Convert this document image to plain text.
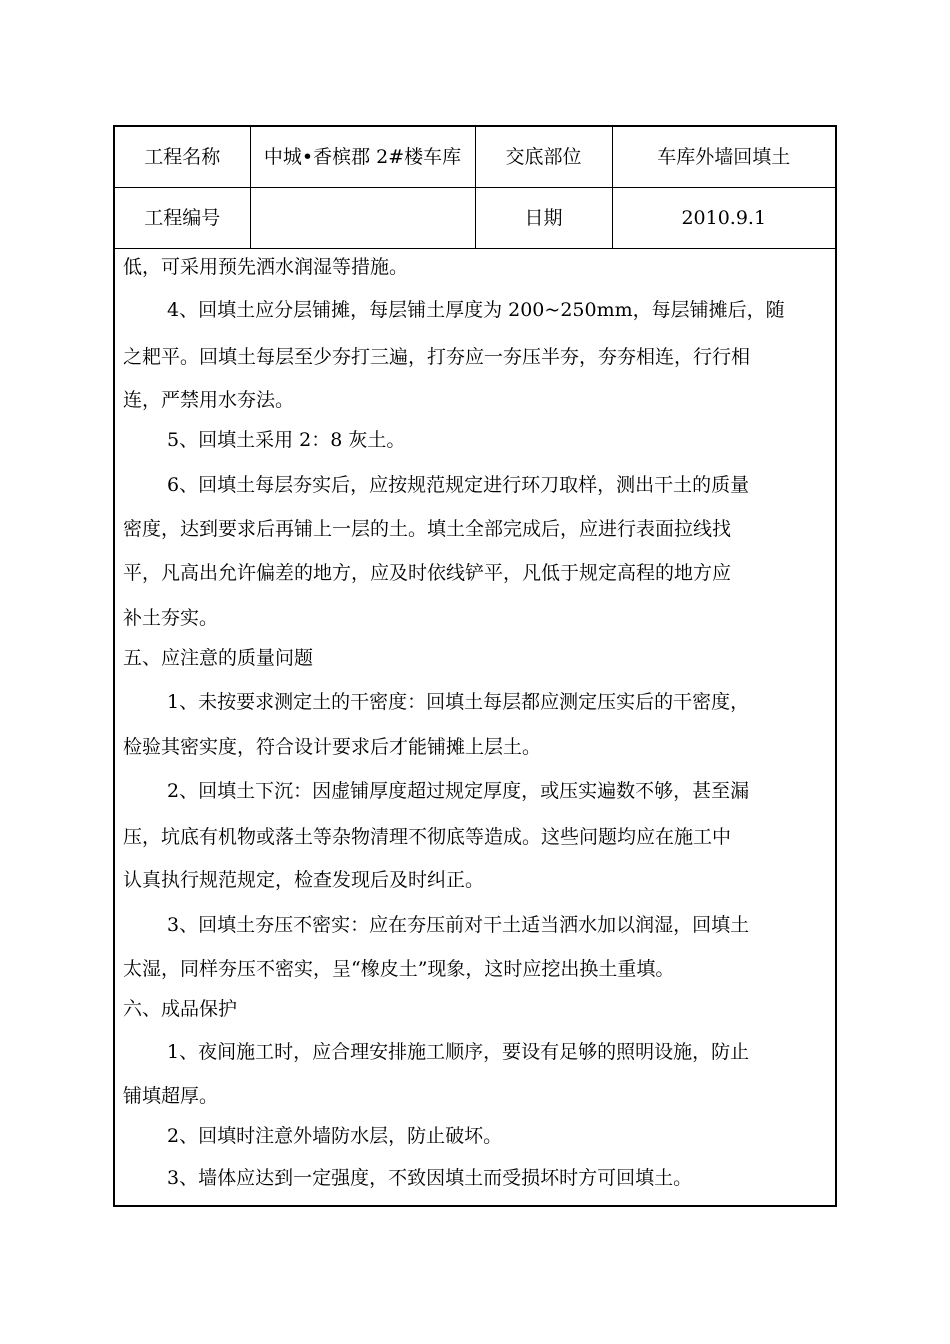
工程名称	中城•香槟郡 2#楼车库	交底部位	车库外墙回填土
工程编号		日期	2010.9.1
低，可采用预先洒水润湿等措施。
4、回填土应分层铺摊，每层铺土厚度为 200~250mm，每层铺摊后，随
之耙平。回填土每层至少夯打三遍，打夯应一夯压半夯，夯夯相连，行行相
连，严禁用水夯法。
5、回填土采用 2：8 灰土。
6、回填土每层夯实后，应按规范规定进行环刀取样，测出干土的质量
密度，达到要求后再铺上一层的土。填土全部完成后，应进行表面拉线找
平，凡高出允许偏差的地方，应及时依线铲平，凡低于规定高程的地方应
补土夯实。
五、应注意的质量问题
1、未按要求测定土的干密度：回填土每层都应测定压实后的干密度，
检验其密实度，符合设计要求后才能铺摊上层土。
2、回填土下沉：因虚铺厚度超过规定厚度，或压实遍数不够，甚至漏
压，坑底有机物或落土等杂物清理不彻底等造成。这些问题均应在施工中
认真执行规范规定，检查发现后及时纠正。
3、回填土夯压不密实：应在夯压前对干土适当洒水加以润湿，回填土
太湿，同样夯压不密实，呈“橡皮土”现象，这时应挖出换土重填。
六、成品保护
1、夜间施工时，应合理安排施工顺序，要设有足够的照明设施，防止
铺填超厚。
2、回填时注意外墙防水层，防止破坏。
3、墙体应达到一定强度，不致因填土而受损坏时方可回填土。
